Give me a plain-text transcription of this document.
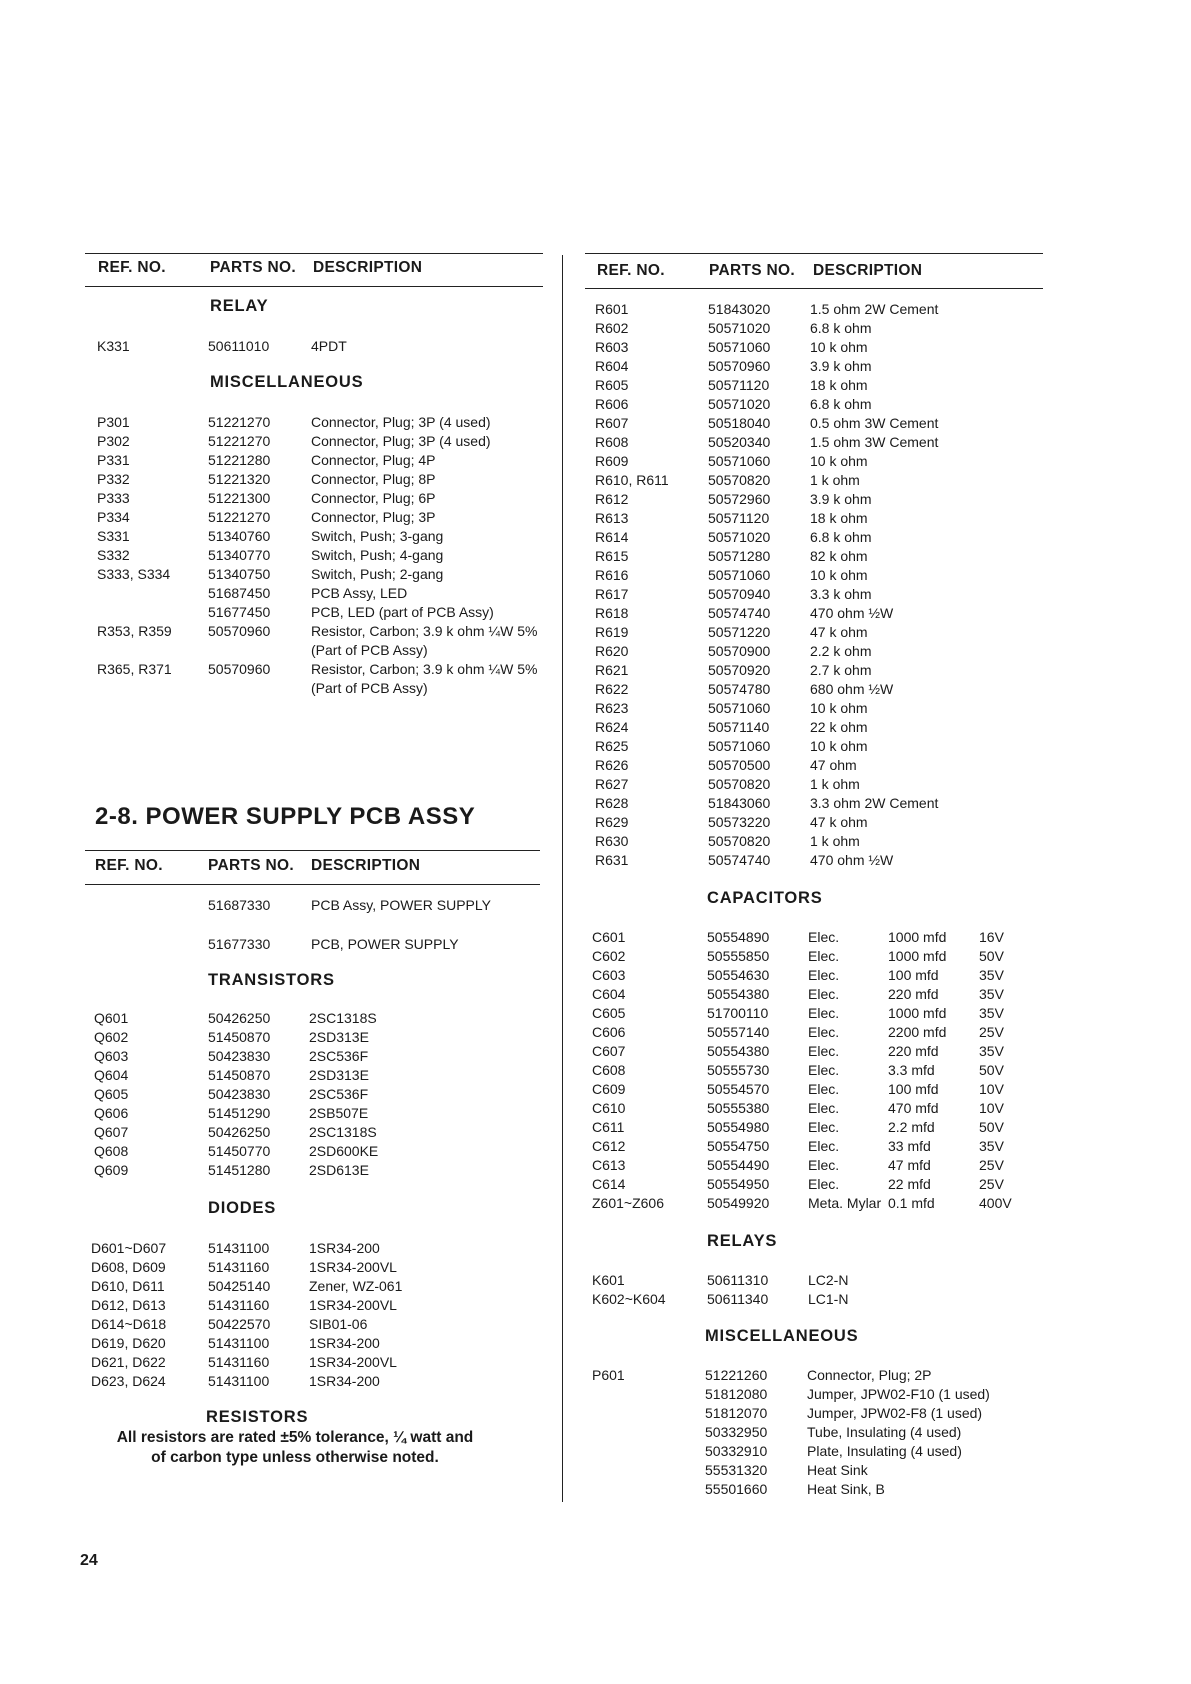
REF. NO.	PARTS NO. DESCRIPTION
RELAY
K331	50611010	4PDT
MISCELLANEOUS
P301	51221270	Connector, Plug; 3P (4 used)
P302	51221270	Connector, Plug; 3P (4 used)
P331	51221280	Connector, Plug; 4P
P332	51221320	Connector, Plug; 8P
P333	51221300	Connector, Plug; 6P
P334	51221270	Connector, Plug; 3P
S331	51340760	Switch, Push; 3-gang
S332	51340770	Switch, Push; 4-gang
S333, S334	51340750	Switch, Push; 2-gang
51687450	PCB Assy, LED
51677450	PCB, LED (part of PCB Assy)
R353, R359	50570960	Resistor, Carbon; 3.9 k ohm ¼W 5% (Part of PCB Assy)
R365, R371	50570960	Resistor, Carbon; 3.9 k ohm ¼W 5% (Part of PCB Assy)
2-8. POWER SUPPLY PCB ASSY
REF. NO.	PARTS NO. DESCRIPTION
51687330	PCB Assy, POWER SUPPLY
51677330	PCB, POWER SUPPLY
TRANSISTORS
Q601	50426250	2SC1318S
Q602	51450870	2SD313E
Q603	50423830	2SC536F
Q604	51450870	2SD313E
Q605	50423830	2SC536F
Q606	51451290	2SB507E
Q607	50426250	2SC1318S
Q608	51450770	2SD600KE
Q609	51451280	2SD613E
DIODES
D601~D607	51431100	1SR34-200
D608, D609	51431160	1SR34-200VL
D610, D611	50425140	Zener, WZ-061
D612, D613	51431160	1SR34-200VL
D614~D618	50422570	SIB01-06
D619, D620	51431100	1SR34-200
D621, D622	51431160	1SR34-200VL
D623, D624	51431100	1SR34-200
RESISTORS
All resistors are rated ±5% tolerance, ¼ watt and
of carbon type unless otherwise noted.
REF. NO.	PARTS NO. DESCRIPTION
R601	51843020	1.5 ohm 2W Cement
R602	50571020	6.8 k ohm
R603	50571060	10 k ohm
R604	50570960	3.9 k ohm
R605	50571120	18 k ohm
R606	50571020	6.8 k ohm
R607	50518040	0.5 ohm 3W Cement
R608	50520340	1.5 ohm 3W Cement
R609	50571060	10 k ohm
R610, R611	50570820	1 k ohm
R612	50572960	3.9 k ohm
R613	50571120	18 k ohm
R614	50571020	6.8 k ohm
R615	50571280	82 k ohm
R616	50571060	10 k ohm
R617	50570940	3.3 k ohm
R618	50574740	470 ohm ½W
R619	50571220	47 k ohm
R620	50570900	2.2 k ohm
R621	50570920	2.7 k ohm
R622	50574780	680 ohm ½W
R623	50571060	10 k ohm
R624	50571140	22 k ohm
R625	50571060	10 k ohm
R626	50570500	47 ohm
R627	50570820	1 k ohm
R628	51843060	3.3 ohm 2W Cement
R629	50573220	47 k ohm
R630	50570820	1 k ohm
R631	50574740	470 ohm ½W
CAPACITORS
C601	50554890	Elec.	1000 mfd 16V
C602	50555850	Elec.	1000 mfd 50V
C603	50554630	Elec.	100 mfd	35V
C604	50554380	Elec.	220 mfd	35V
C605	51700110	Elec.	1000 mfd 35V
C606	50557140	Elec.	2200 mfd 25V
C607	50554380	Elec.	220 mfd	35V
C608	50555730	Elec.	3.3 mfd	50V
C609	50554570	Elec.	100 mfd	10V
C610	50555380	Elec.	470 mfd	10V
C611	50554980	Elec.	2.2 mfd	50V
C612	50554750	Elec.	33 mfd	35V
C613	50554490	Elec.	47 mfd	25V
C614	50554950	Elec.	22 mfd	25V
Z601~Z606	50549920	Meta. Mylar 0.1 mfd	400V
RELAYS
K601	50611310	LC2-N
K602~K604	50611340	LC1-N
MISCELLANEOUS
P601	51221260	Connector, Plug; 2P
51812080	Jumper, JPW02-F10 (1 used)
51812070	Jumper, JPW02-F8 (1 used)
50332950	Tube, Insulating (4 used)
50332910	Plate, Insulating (4 used)
55531320	Heat Sink
55501660	Heat Sink, B
24
